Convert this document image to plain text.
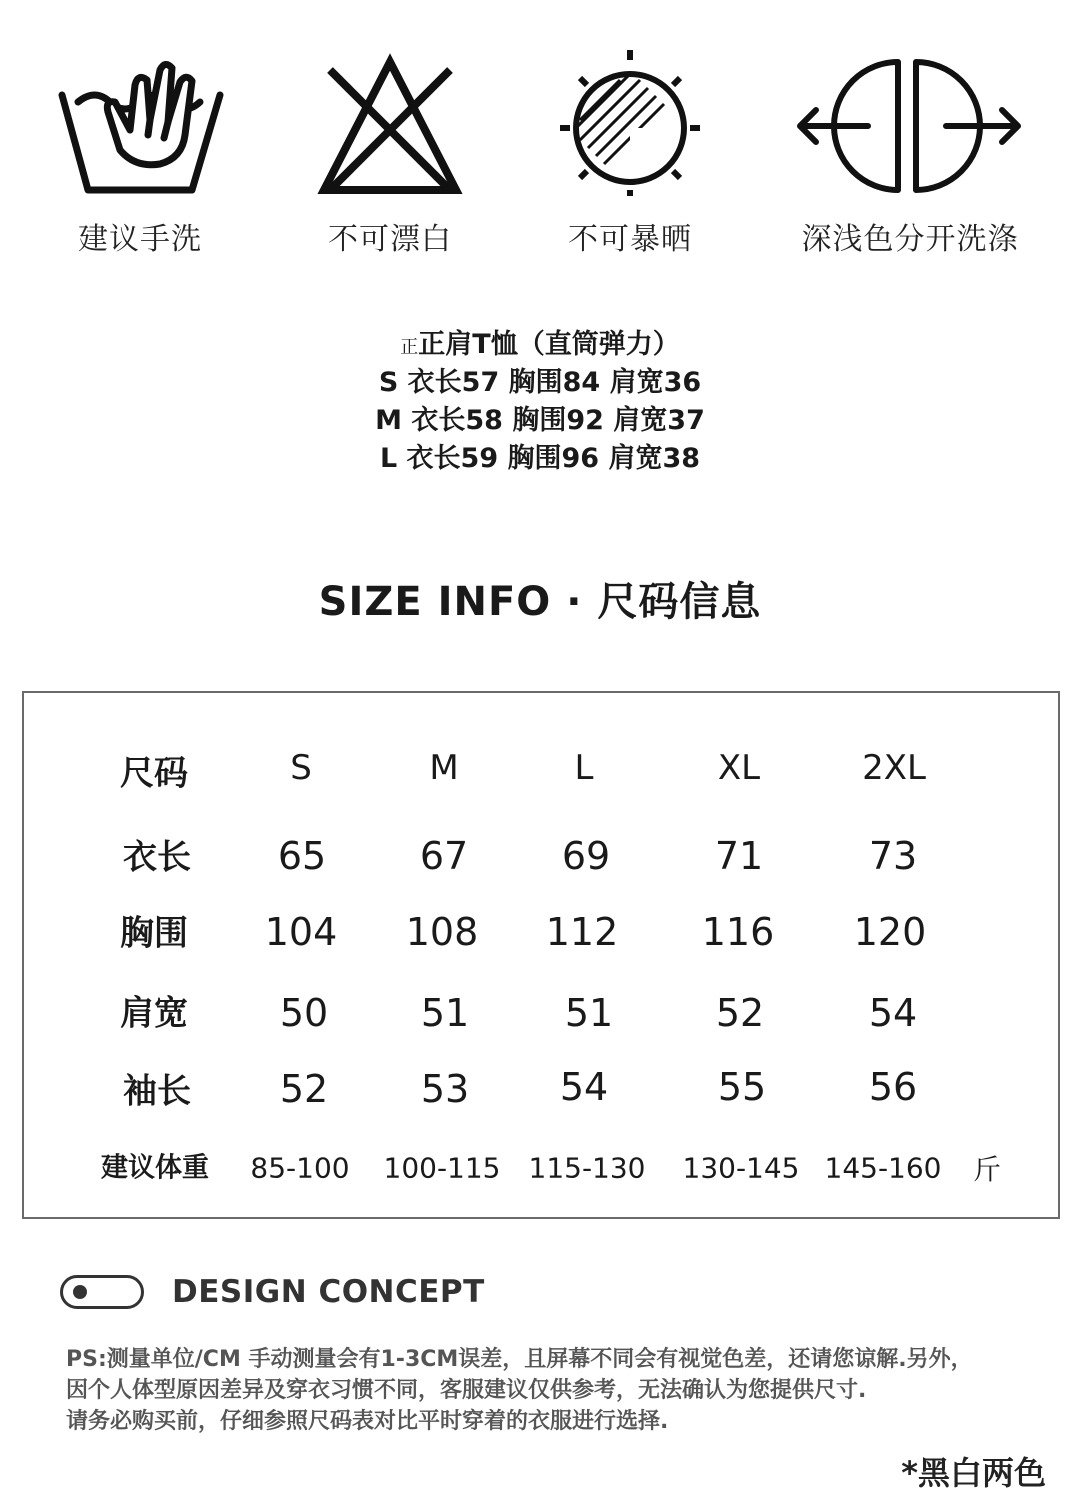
建议手洗	不可漂白	不可暴晒	深浅色分开洗涤
正正肩T恤（直筒弹力）
S 衣长57 胸围84 肩宽36
M 衣长58 胸围92 肩宽37
L 衣长59 胸围96 肩宽38
SIZE INFO · 尺码信息
尺码	S	M	L	XL	2XL
衣长 65 67 69	71	73
胸围 104 108 112 116 120
肩宽 50 51	51	52	54
袖长 52 53 54	55	56
建议体重 85-100 100-115 115-130 130-145 145-160 斤
DESIGN CONCEPT
PS:测量单位/CM 手动测量会有1-3CM误差，且屏幕不同会有视觉色差，还请您谅解.另外，
因个人体型原因差异及穿衣习惯不同，客服建议仅供参考，无法确认为您提供尺寸.
请务必购买前，仔细参照尺码表对比平时穿着的衣服进行选择.
*黑白两色
